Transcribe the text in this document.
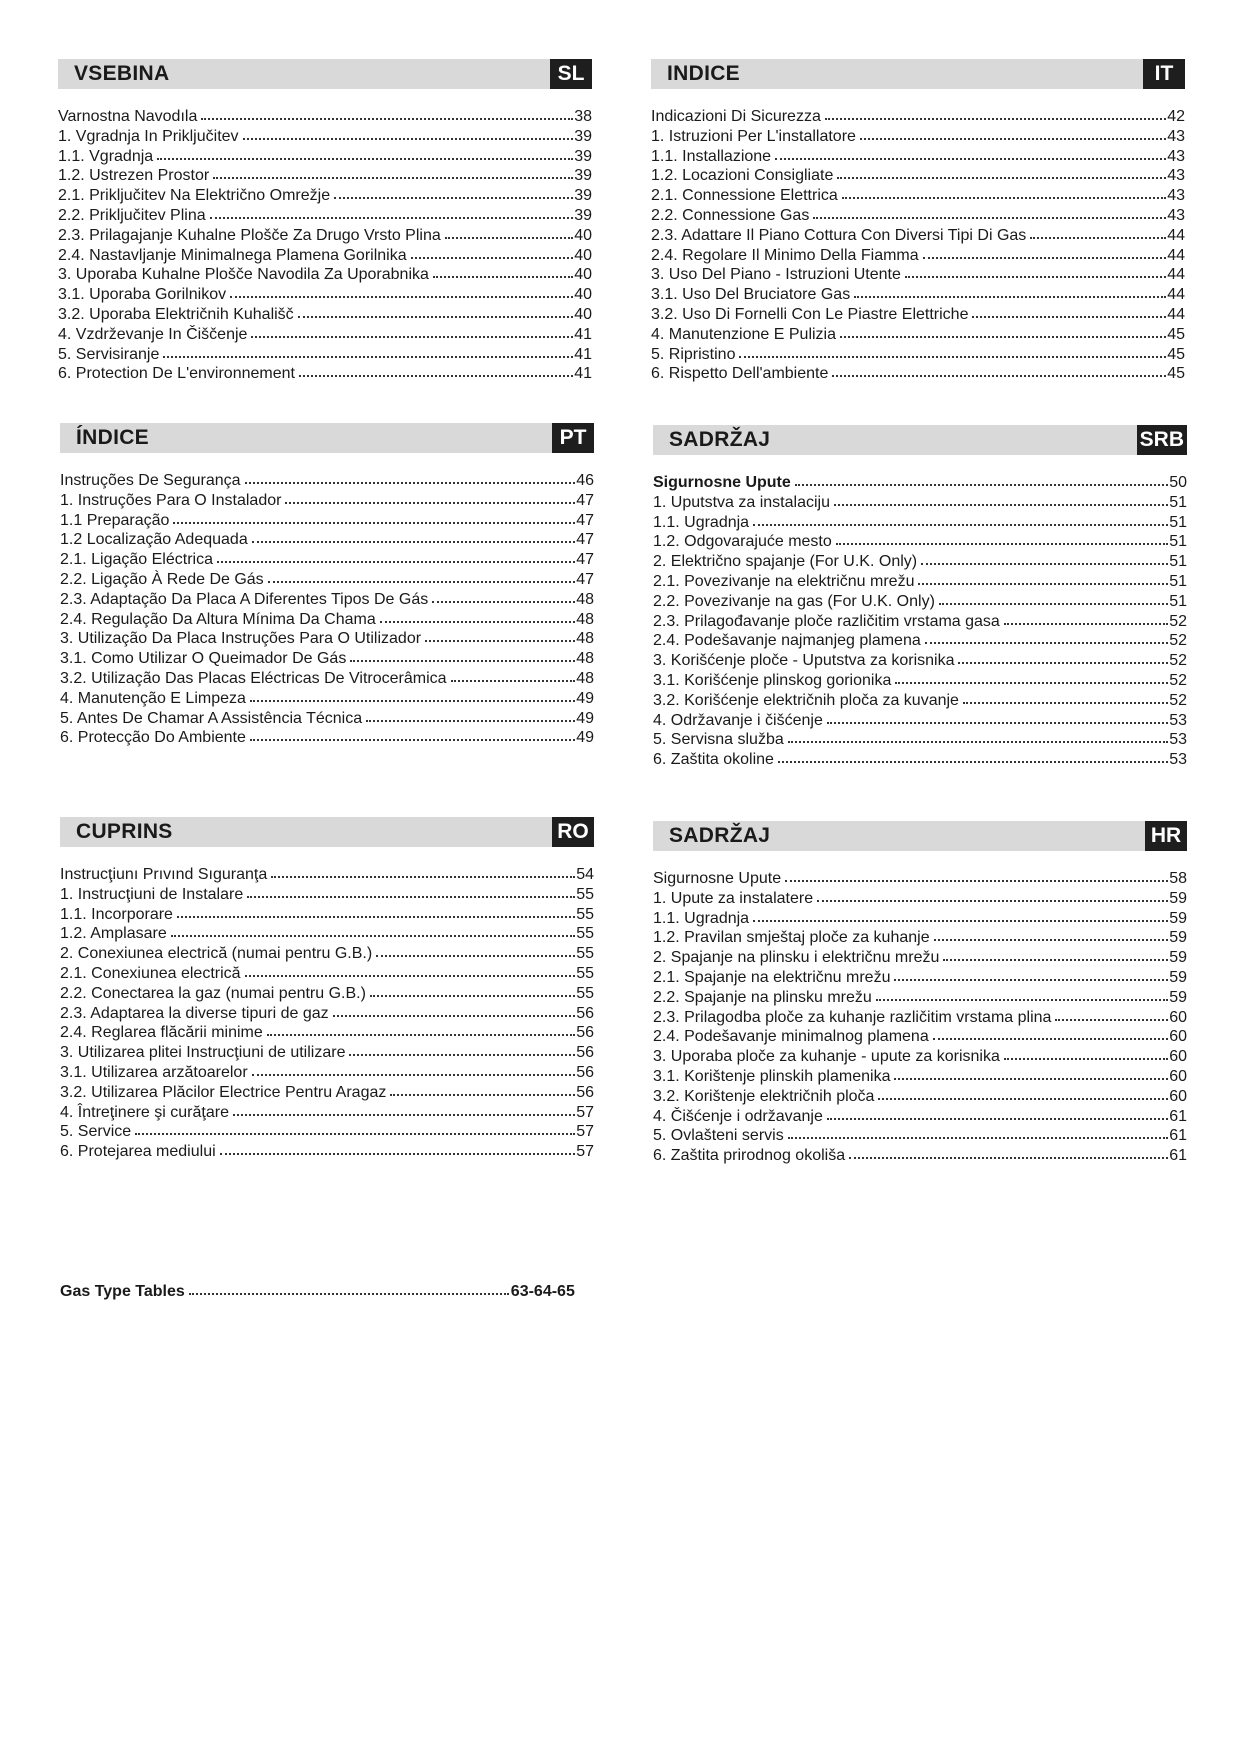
VSEBINA	SL
Varnostna Navodıla	38
1. Vgradnja In Priključitev	39
1.1. Vgradnja	39
1.2. Ustrezen Prostor	39
2.1. Priključitev Na Električno Omrežje	39
2.2. Priključitev Plina	39
2.3. Prilagajanje Kuhalne Plošče Za Drugo Vrsto Plina	40
2.4. Nastavljanje Minimalnega Plamena Gorilnika	40
3. Uporaba Kuhalne Plošče Navodila Za Uporabnika	40
3.1. Uporaba Gorilnikov	40
3.2. Uporaba Električnih Kuhališč	40
4. Vzdrževanje In Čiščenje	41
5. Servisiranje	41
6. Protection De L'environnement	41
INDICE	IT
Indicazioni Di Sicurezza	42
1. Istruzioni Per L'installatore	43
1.1. Installazione	43
1.2. Locazioni Consigliate	43
2.1. Connessione Elettrica	43
2.2. Connessione Gas	43
2.3. Adattare Il Piano Cottura Con Diversi Tipi Di Gas	44
2.4. Regolare Il Minimo Della Fiamma	44
3. Uso Del Piano - Istruzioni Utente	44
3.1. Uso Del Bruciatore Gas	44
3.2. Uso Di Fornelli Con Le Piastre Elettriche	44
4. Manutenzione E Pulizia	45
5. Ripristino	45
6. Rispetto Dell'ambiente	45
ÍNDICE	PT
Instruções De Segurança	46
1. Instruções Para O Instalador	47
1.1 Preparação	47
1.2 Localização Adequada	47
2.1. Ligação Eléctrica	47
2.2. Ligação À Rede De Gás	47
2.3. Adaptação Da Placa A Diferentes Tipos De Gás	48
2.4. Regulação Da Altura Mínima Da Chama	48
3. Utilização Da Placa Instruções Para O Utilizador	48
3.1. Como Utilizar O Queimador De Gás	48
3.2. Utilização Das Placas Eléctricas De Vitrocerâmica	48
4. Manutenção E Limpeza	49
5. Antes De Chamar A Assistência Técnica	49
6. Protecção Do Ambiente	49
SADRŽAJ	SRB
Sigurnosne Upute	50
1. Uputstva za instalaciju	51
1.1. Ugradnja	51
1.2. Odgovarajuće mesto	51
2. Električno spajanje (For U.K. Only)	51
2.1. Povezivanje na električnu mrežu	51
2.2. Povezivanje na gas (For U.K. Only)	51
2.3. Prilagođavanje ploče različitim vrstama gasa	52
2.4. Podešavanje najmanjeg plamena	52
3. Korišćenje ploče - Uputstva za korisnika	52
3.1. Korišćenje plinskog gorionika	52
3.2. Korišćenje električnih ploča za kuvanje	52
4. Održavanje i čišćenje	53
5. Servisna služba	53
6. Zaštita okoline	53
CUPRINS	RO
Instrucţiunı Prıvınd Sıguranţa	54
1. Instrucţiuni de Instalare	55
1.1. Incorporare	55
1.2. Amplasare	55
2. Conexiunea electrică (numai pentru G.B.)	55
2.1. Conexiunea electrică	55
2.2. Conectarea la gaz (numai pentru G.B.)	55
2.3. Adaptarea la diverse tipuri de gaz	56
2.4. Reglarea flăcării minime	56
3. Utilizarea plitei Instrucţiuni de utilizare	56
3.1. Utilizarea arzătoarelor	56
3.2. Utilizarea Plăcilor Electrice Pentru Aragaz	56
4. Întreţinere şi curăţare	57
5. Service	57
6. Protejarea mediului	57
SADRŽAJ	HR
Sigurnosne Upute	58
1. Upute za instalatere	59
1.1. Ugradnja	59
1.2. Pravilan smještaj ploče za kuhanje	59
2. Spajanje na plinsku i električnu mrežu	59
2.1. Spajanje na električnu mrežu	59
2.2. Spajanje na plinsku mrežu	59
2.3. Prilagodba ploče za kuhanje različitim vrstama plina	60
2.4. Podešavanje minimalnog plamena	60
3. Uporaba ploče za kuhanje - upute za korisnika	60
3.1. Korištenje plinskih plamenika	60
3.2. Korištenje električnih ploča	60
4. Čišćenje i održavanje	61
5. Ovlašteni servis	61
6. Zaštita prirodnog okoliša	61
Gas Type Tables	63-64-65
